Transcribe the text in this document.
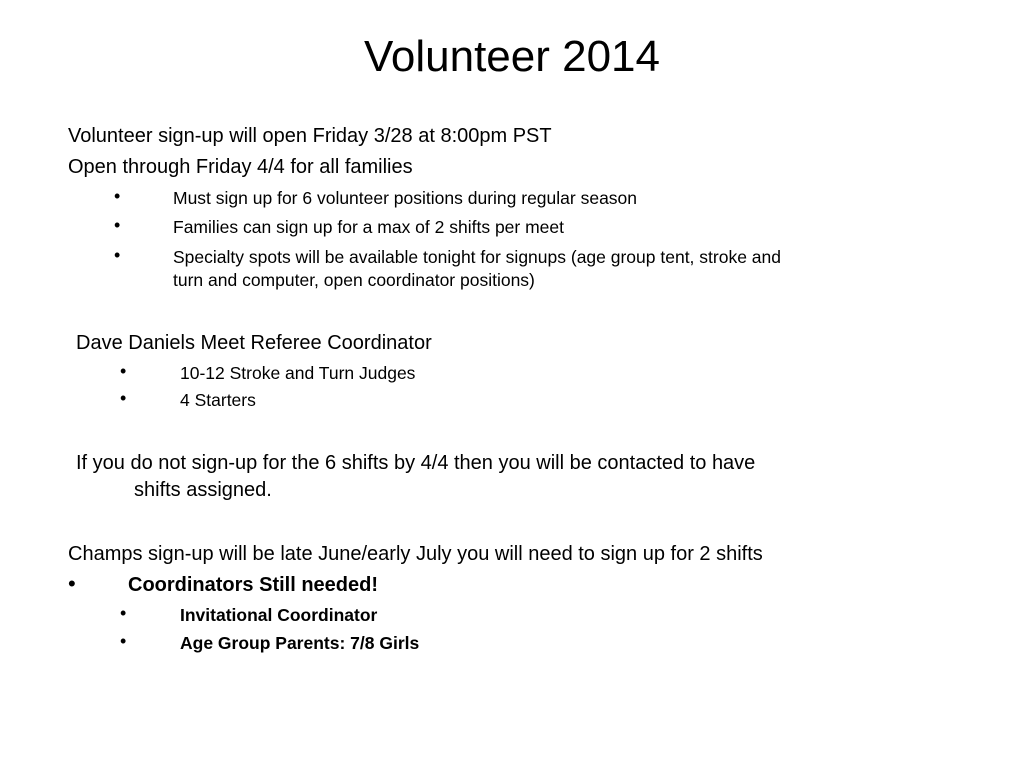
Volunteer 2014
Volunteer sign-up will open Friday 3/28 at 8:00pm PST
Open through Friday 4/4 for all families
•	Must sign up for 6 volunteer positions during regular season
•	Families can sign up for a max of 2 shifts per meet
•	Specialty spots will be available tonight for signups (age group tent, stroke and
turn and computer, open coordinator positions)
Dave Daniels Meet Referee Coordinator
•	10-12 Stroke and Turn Judges
•	4 Starters
If you do not sign-up for the 6 shifts by 4/4 then you will be contacted to have
shifts assigned.
Champs sign-up will be late June/early July you will need to sign up for 2 shifts
•	Coordinators Still needed!
•	Invitational Coordinator
•	Age Group Parents: 7/8 Girls
